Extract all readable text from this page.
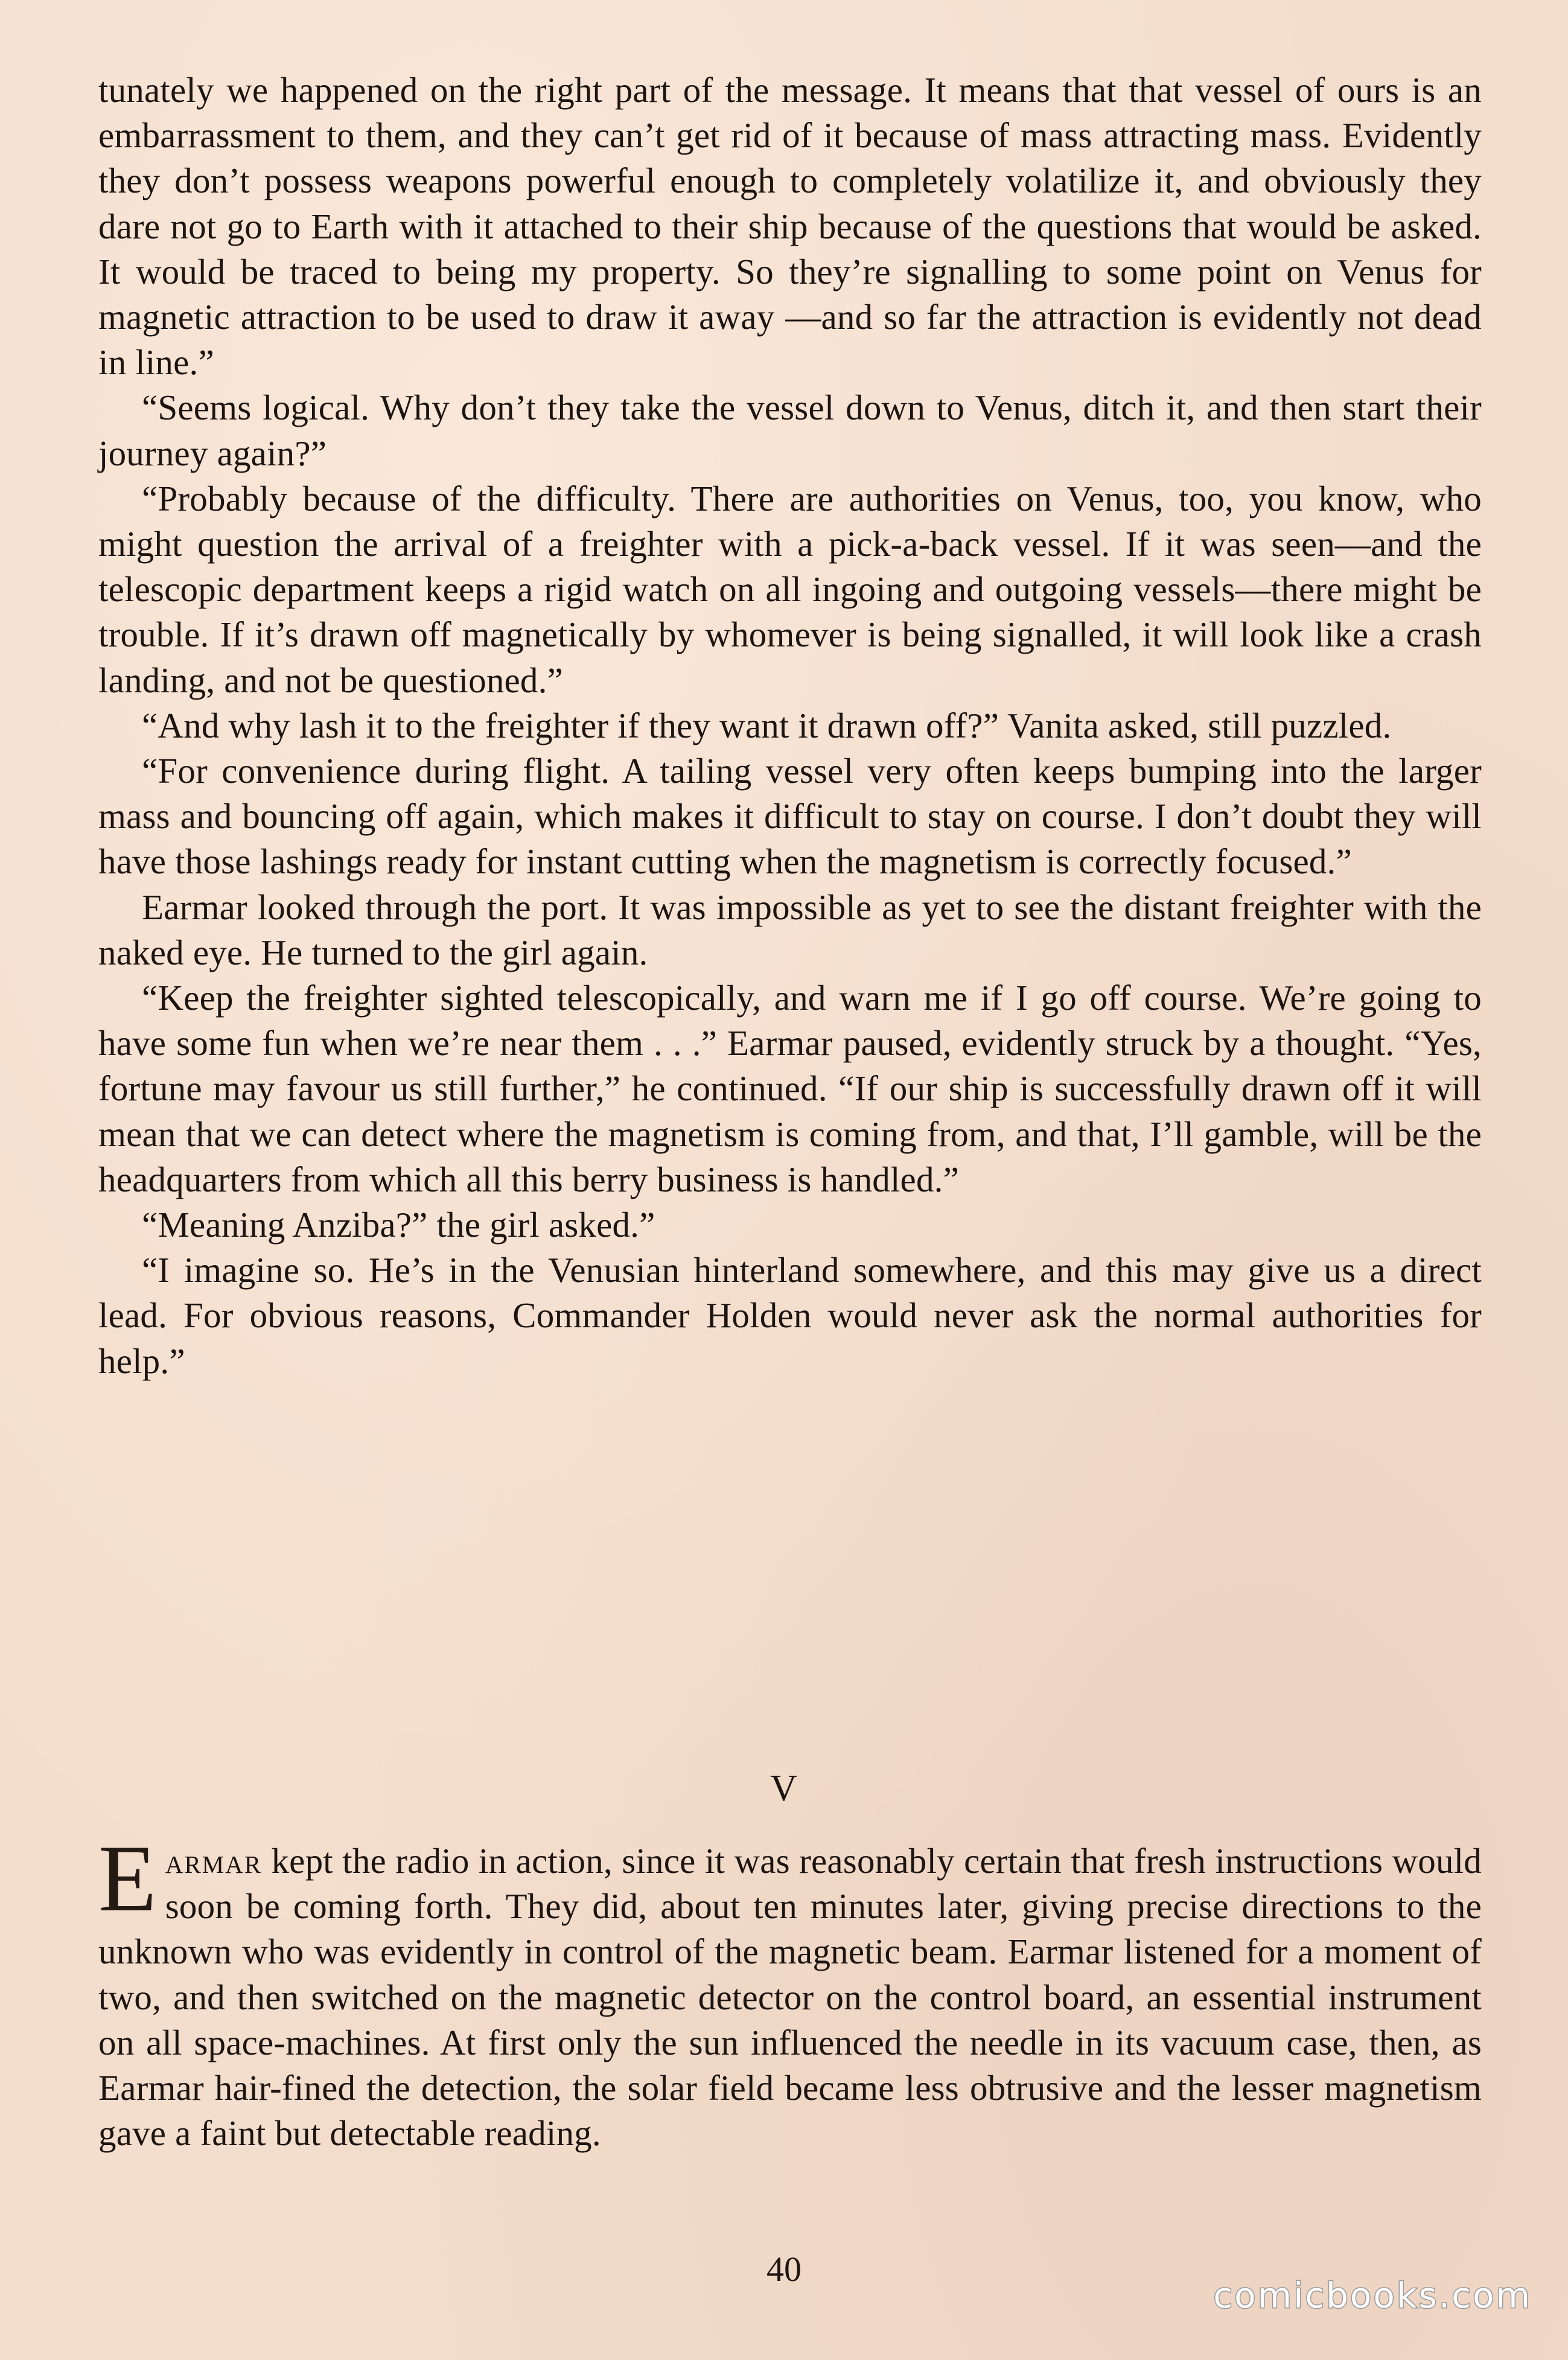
tunately we happened on the right part of the message. It means that that vessel of ours is an embarrassment to them, and they can’t get rid of it because of mass attracting mass. Evidently they don’t possess weapons powerful enough to completely volatilize it, and obviously they dare not go to Earth with it attached to their ship because of the questions that would be asked. It would be traced to being my property. So they’re signalling to some point on Venus for magnetic attraction to be used to draw it away —and so far the attraction is evidently not dead in line.”

“Seems logical. Why don’t they take the vessel down to Venus, ditch it, and then start their journey again?”

“Probably because of the difficulty. There are authorities on Venus, too, you know, who might question the arrival of a freighter with a pick-a-back vessel. If it was seen—and the telescopic department keeps a rigid watch on all ingoing and outgoing vessels—there might be trouble. If it’s drawn off magnetically by whomever is being signalled, it will look like a crash landing, and not be questioned.”

“And why lash it to the freighter if they want it drawn off?” Vanita asked, still puzzled.

“For convenience during flight. A tailing vessel very often keeps bumping into the larger mass and bouncing off again, which makes it difficult to stay on course. I don’t doubt they will have those lashings ready for instant cutting when the magnetism is correctly focused.”

Earmar looked through the port. It was impossible as yet to see the distant freighter with the naked eye. He turned to the girl again.

“Keep the freighter sighted telescopically, and warn me if I go off course. We’re going to have some fun when we’re near them . . .” Earmar paused, evidently struck by a thought. “Yes, fortune may favour us still further,” he continued. “If our ship is successfully drawn off it will mean that we can detect where the magnetism is coming from, and that, I’ll gamble, will be the headquarters from which all this berry business is handled.”

“Meaning Anziba?” the girl asked.”

“I imagine so. He’s in the Venusian hinterland somewhere, and this may give us a direct lead. For obvious reasons, Commander Holden would never ask the normal authorities for help.”

V

Earmar kept the radio in action, since it was reasonably certain that fresh instructions would soon be coming forth. They did, about ten minutes later, giving precise directions to the unknown who was evidently in control of the magnetic beam. Earmar listened for a moment of two, and then switched on the magnetic detector on the control board, an essential instrument on all space-machines. At first only the sun influenced the needle in its vacuum case, then, as Earmar hair-fined the detection, the solar field became less obtrusive and the lesser magnetism gave a faint but detectable reading.

40
comicbooks.com
